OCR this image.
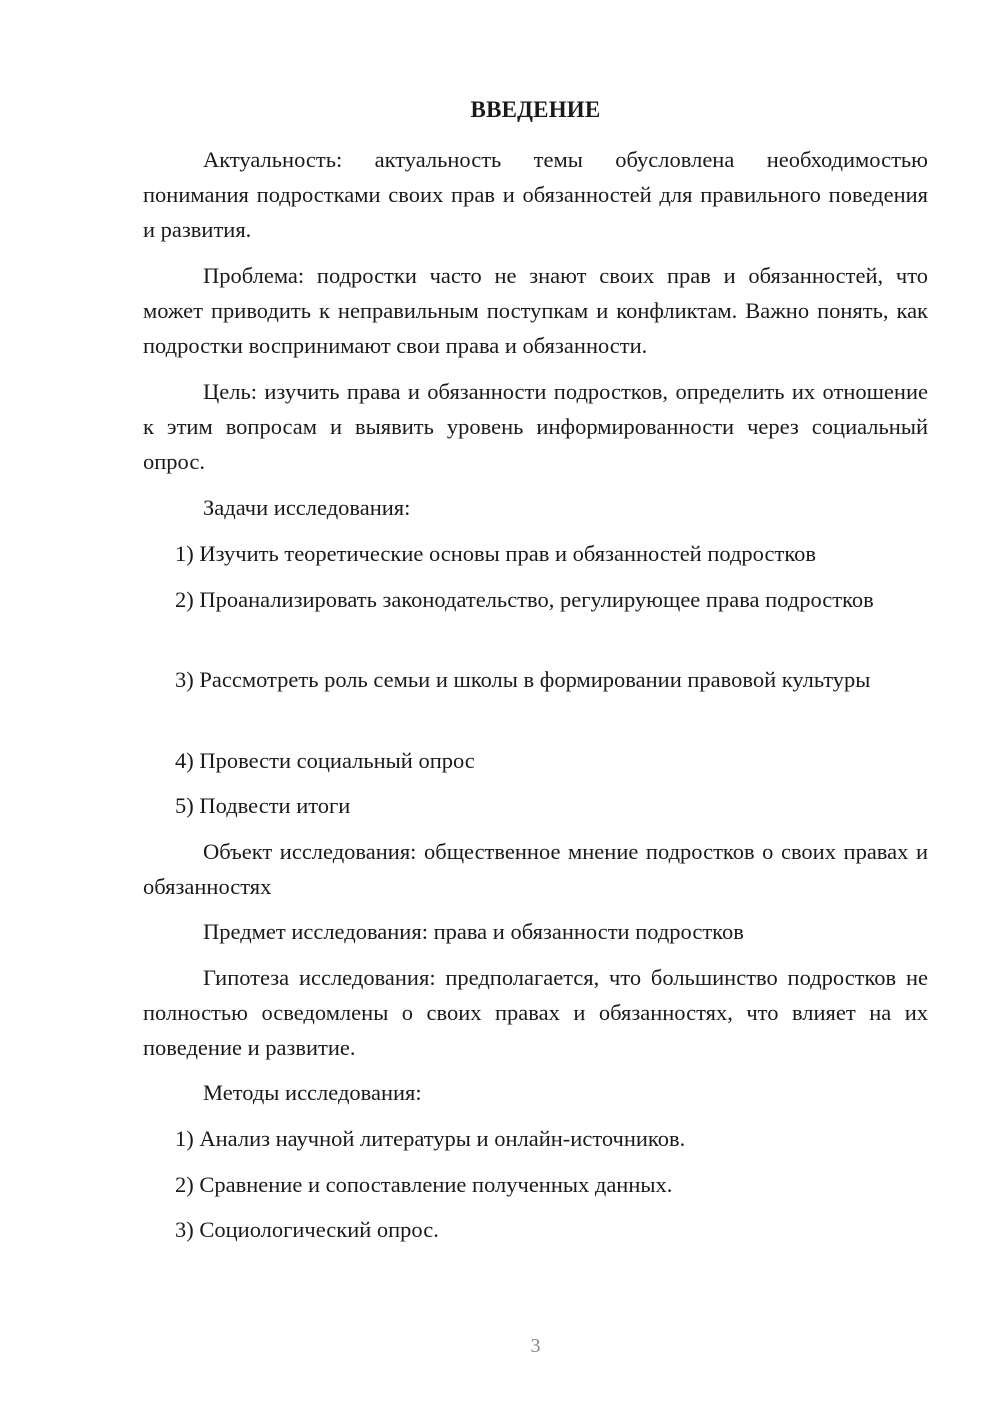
ВВЕДЕНИЕ

Актуальность: актуальность темы обусловлена необходимостью понимания подростками своих прав и обязанностей для правильного поведения и развития.

Проблема: подростки часто не знают своих прав и обязанностей, что может приводить к неправильным поступкам и конфликтам. Важно понять, как подростки воспринимают свои права и обязанности.

Цель: изучить права и обязанности подростков, определить их отношение к этим вопросам и выявить уровень информированности через социальный опрос.

Задачи исследования:

1) Изучить теоретические основы прав и обязанностей подростков

2) Проанализировать законодательство, регулирующее права подростков

3) Рассмотреть роль семьи и школы в формировании правовой культуры

4) Провести социальный опрос

5) Подвести итоги

Объект исследования: общественное мнение подростков о своих правах и обязанностях

Предмет исследования: права и обязанности подростков

Гипотеза исследования: предполагается, что большинство подростков не полностью осведомлены о своих правах и обязанностях, что влияет на их поведение и развитие.

Методы исследования:

1) Анализ научной литературы и онлайн-источников.

2) Сравнение и сопоставление полученных данных.

3) Социологический опрос.

3
